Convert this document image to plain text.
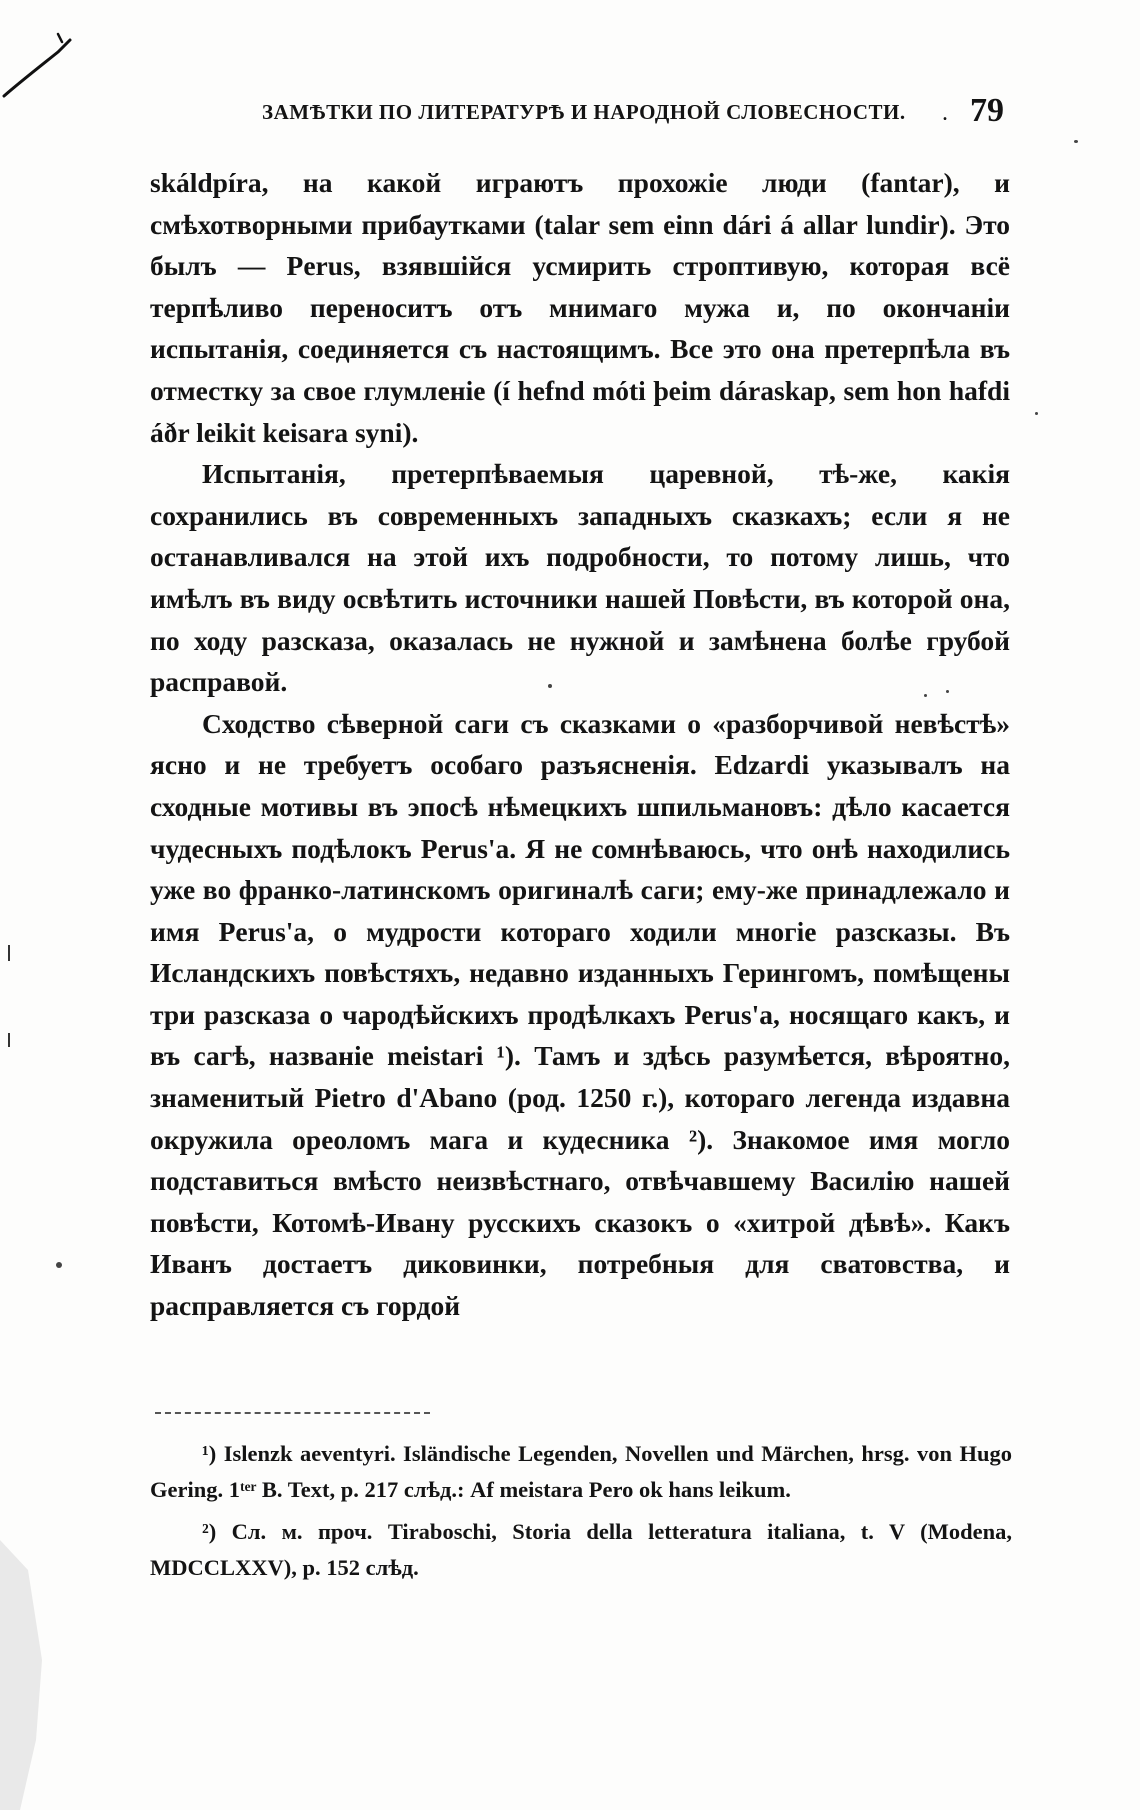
ЗАМѢТКИ ПО ЛИТЕРАТУРѢ И НАРОДНОЙ СЛОВЕСНОСТИ. . 79

skáldpíra, на какой играютъ прохожіе люди (fantar), и смѣхотворными прибаутками (talar sem einn dári á allar lundir). Это былъ — Perus, взявшійся усмирить строптивую, которая всё терпѣливо переноситъ отъ мнимаго мужа и, по окончаніи испытанія, соединяется съ настоящимъ. Все это она претерпѣла въ отместку за свое глумленіе (í hefnd móti þeim dáraskap, sem hon hafdi áðr leikit keisara syni).

Испытанія, претерпѣваемыя царевной, тѣ-же, какія сохранились въ современныхъ западныхъ сказкахъ; если я не останавливался на этой ихъ подробности, то потому лишь, что имѣлъ въ виду освѣтить источники нашей Повѣсти, въ которой она, по ходу разсказа, оказалась не нужной и замѣнена болѣе грубой расправой.

Сходство сѣверной саги съ сказками о «разборчивой невѣстѣ» ясно и не требуетъ особаго разъясненія. Edzardi указывалъ на сходные мотивы въ эпосѣ нѣмецкихъ шпильмановъ: дѣло касается чудесныхъ подѣлокъ Perus'а. Я не сомнѣваюсь, что онѣ находились уже во франко-латинскомъ оригиналѣ саги; ему-же принадлежало и имя Perus'а, о мудрости котораго ходили многіе разсказы. Въ Исландскихъ повѣстяхъ, недавно изданныхъ Герингомъ, помѣщены три разсказа о чародѣйскихъ продѣлкахъ Perus'а, носящаго какъ, и въ сагѣ, названіе meistari ¹). Тамъ и здѣсь разумѣется, вѣроятно, знаменитый Pietro d'Abano (род. 1250 г.), котораго легенда издавна окружила ореоломъ мага и кудесника ²). Знакомое имя могло подставиться вмѣсто неизвѣстнаго, отвѣчавшему Василію нашей повѣсти, Котомѣ-Ивану русскихъ сказокъ о «хитрой дѣвѣ». Какъ Иванъ достаетъ диковинки, потребныя для сватовства, и расправляется съ гордой

¹) Islenzk aeventyri. Isländische Legenden, Novellen und Märchen, hrsg. von Hugo Gering. 1ᵗᵉʳ B. Text, p. 217 слѣд.: Af meistara Pero ok hans leikum.

²) Сл. м. проч. Tiraboschi, Storia della letteratura italiana, t. V (Modena, MDCCLXXV), p. 152 слѣд.
